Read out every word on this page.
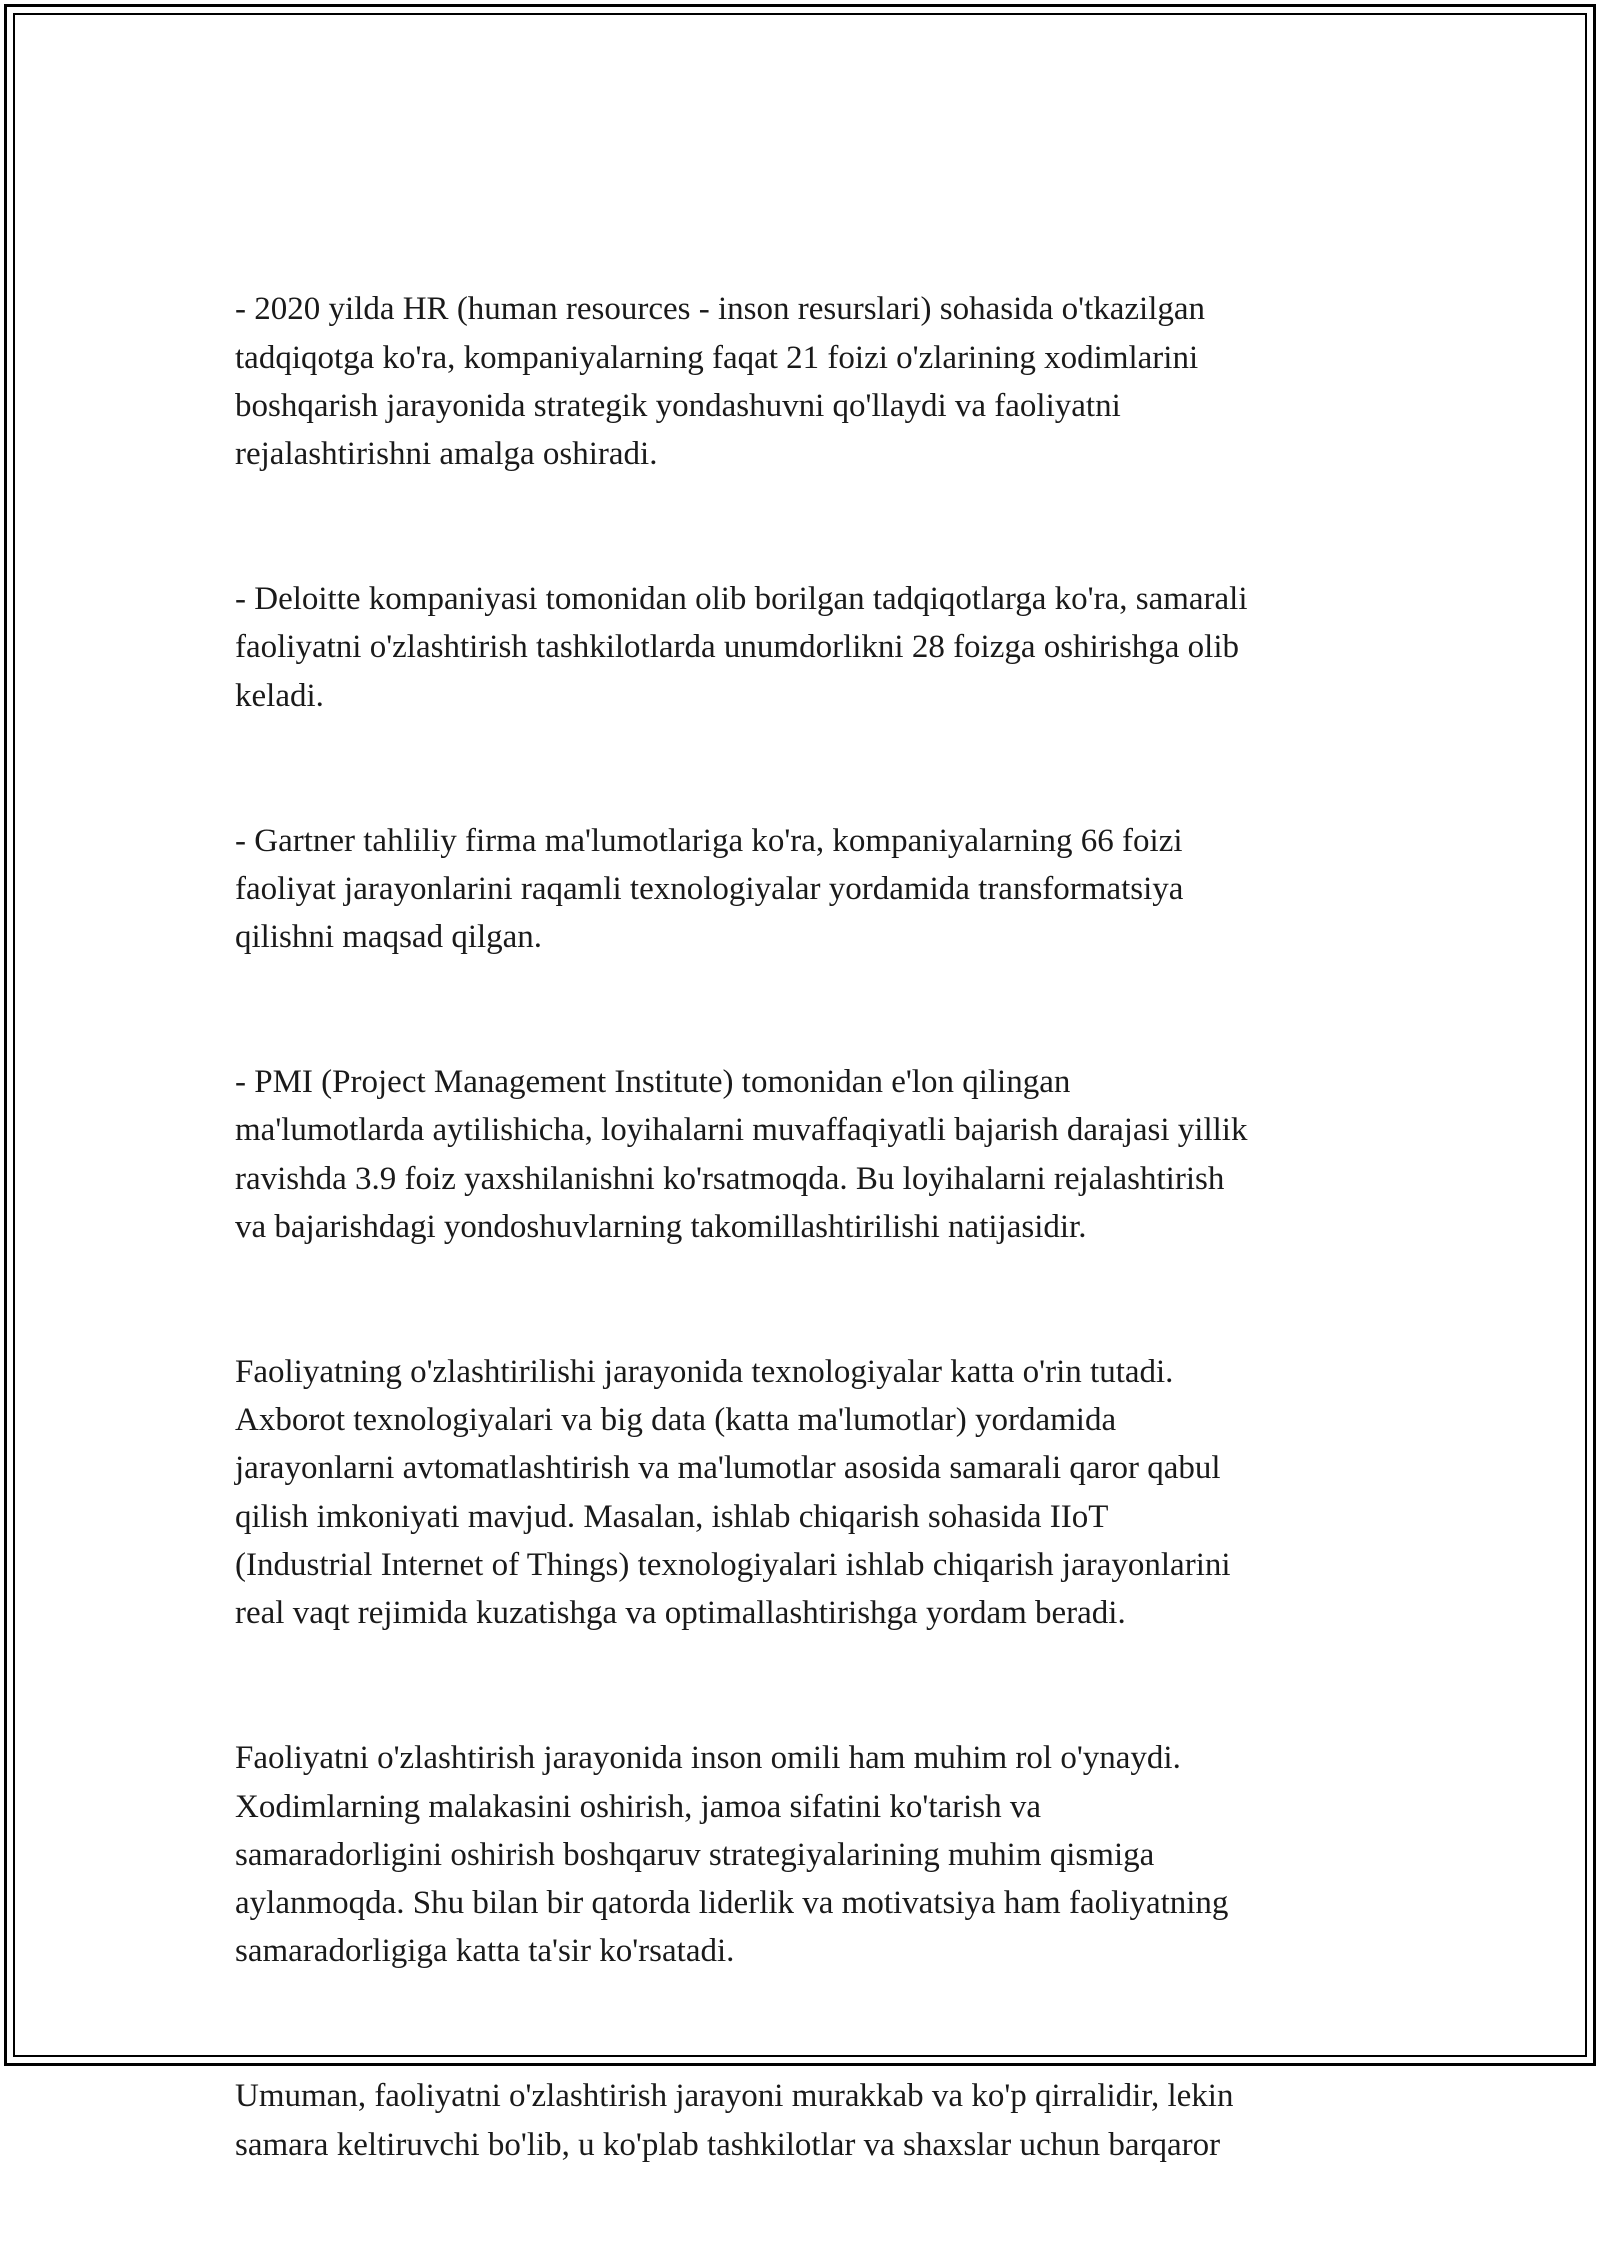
- 2020 yilda HR (human resources - inson resurslari) sohasida o'tkazilgan
tadqiqotga ko'ra, kompaniyalarning faqat 21 foizi o'zlarining xodimlarini
boshqarish jarayonida strategik yondashuvni qo'llaydi va faoliyatni
rejalashtirishni amalga oshiradi.

- Deloitte kompaniyasi tomonidan olib borilgan tadqiqotlarga ko'ra, samarali
faoliyatni o'zlashtirish tashkilotlarda unumdorlikni 28 foizga oshirishga olib
keladi.

- Gartner tahliliy firma ma'lumotlariga ko'ra, kompaniyalarning 66 foizi
faoliyat jarayonlarini raqamli texnologiyalar yordamida transformatsiya
qilishni maqsad qilgan.

- PMI (Project Management Institute) tomonidan e'lon qilingan
ma'lumotlarda aytilishicha, loyihalarni muvaffaqiyatli bajarish darajasi yillik
ravishda 3.9 foiz yaxshilanishni ko'rsatmoqda. Bu loyihalarni rejalashtirish
va bajarishdagi yondoshuvlarning takomillashtirilishi natijasidir.

Faoliyatning o'zlashtirilishi jarayonida texnologiyalar katta o'rin tutadi.
Axborot texnologiyalari va big data (katta ma'lumotlar) yordamida
jarayonlarni avtomatlashtirish va ma'lumotlar asosida samarali qaror qabul
qilish imkoniyati mavjud. Masalan, ishlab chiqarish sohasida IIoT
(Industrial Internet of Things) texnologiyalari ishlab chiqarish jarayonlarini
real vaqt rejimida kuzatishga va optimallashtirishga yordam beradi.

Faoliyatni o'zlashtirish jarayonida inson omili ham muhim rol o'ynaydi.
Xodimlarning malakasini oshirish, jamoa sifatini ko'tarish va
samaradorligini oshirish boshqaruv strategiyalarining muhim qismiga
aylanmoqda. Shu bilan bir qatorda liderlik va motivatsiya ham faoliyatning
samaradorligiga katta ta'sir ko'rsatadi.

Umuman, faoliyatni o'zlashtirish jarayoni murakkab va ko'p qirralidir, lekin
samara keltiruvchi bo'lib, u ko'plab tashkilotlar va shaxslar uchun barqaror
